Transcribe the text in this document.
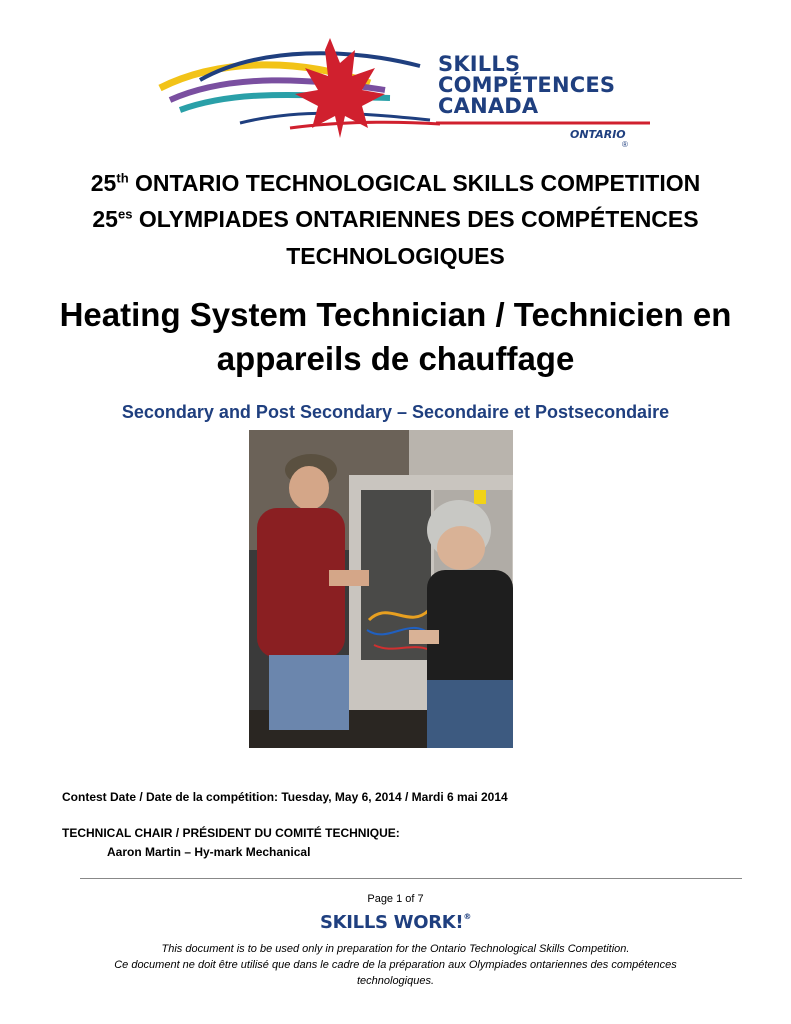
SKILLS
COMPÉTENCES
CANADA
ONTARIO
®
25th ONTARIO TECHNOLOGICAL SKILLS COMPETITION
$25^{es}$ OLYMPIADES ONTARIENNES DES COMPÉTENCES
TECHNOLOGIQUES
Heating System Technician / Technicien en
appareils de chauffage
Secondary and Post Secondary – Secondaire et Postsecondaire
Contest Date / Date de la compétition: Tuesday, May 6, 2014 / Mardi 6 mai 2014
TECHNICAL CHAIR / PRÉSIDENT DU COMITÉ TECHNIQUE:
Aaron Martin – Hy-mark Mechanical
Page 1 of 7
SKILLS WORK!®
This document is to be used only in preparation for the Ontario Technological Skills Competition.
Ce document ne doit être utilisé que dans le cadre de la préparation aux Olympiades ontariennes des compétences
technologiques.
